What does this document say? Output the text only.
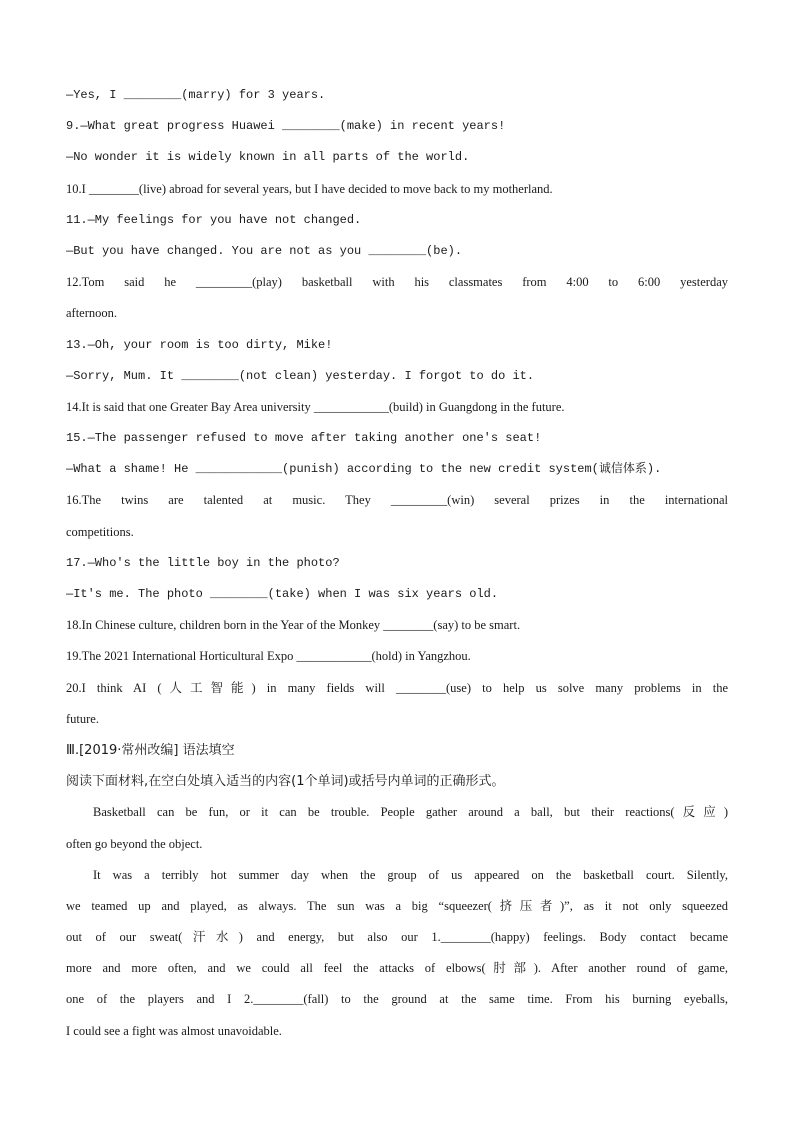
—Yes, I ________(marry) for 3 years.
9.—What great progress Huawei ________(make) in recent years!
—No wonder it is widely known in all parts of the world.
10.I ________(live) abroad for several years, but I have decided to move back to my motherland.
11.—My feelings for you have not changed.
—But you have changed. You are not as you ________(be).
12.Tom said he _________(play) basketball with his classmates from 4:00 to 6:00 yesterday
afternoon.
13.—Oh, your room is too dirty, Mike!
—Sorry, Mum. It ________(not clean) yesterday. I forgot to do it.
14.It is said that one Greater Bay Area university ____________(build) in Guangdong in the future.
15.—The passenger refused to move after taking another one's seat!
—What a shame! He ____________(punish) according to the new credit system(诚信体系).
16.The twins are talented at music. They _________(win) several prizes in the international
competitions.
17.—Who's the little boy in the photo?
—It's me. The photo ________(take) when I was six years old.
18.In Chinese culture, children born in the Year of the Monkey ________(say) to be smart.
19.The 2021 International Horticultural Expo ____________(hold) in Yangzhou.
20.I think AI (人工智能) in many fields will ________(use) to help us solve many problems in the
future.
Ⅲ.[2019·常州改编] 语法填空
阅读下面材料,在空白处填入适当的内容(1个单词)或括号内单词的正确形式。
Basketball can be fun, or it can be trouble. People gather around a ball, but their reactions(反应)
often go beyond the object.
It was a terribly hot summer day when the group of us appeared on the basketball court. Silently,
we teamed up and played, as always. The sun was a big “squeezer(挤压者)”, as it not only squeezed
out of our sweat(汗水) and energy, but also our 1.________(happy) feelings. Body contact became
more and more often, and we could all feel the attacks of elbows(肘部). After another round of game,
one of the players and I 2.________(fall) to the ground at the same time. From his burning eyeballs,
I could see a fight was almost unavoidable.
